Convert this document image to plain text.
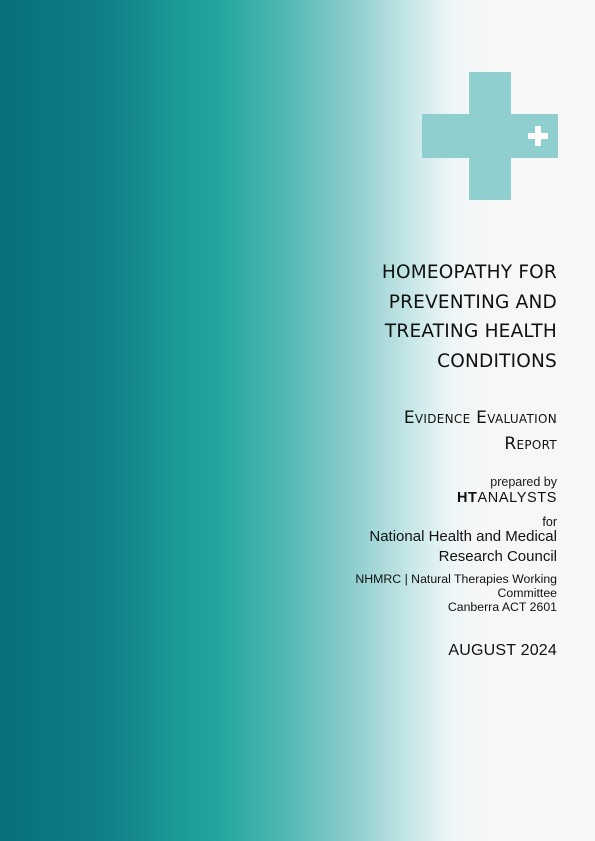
HOMEOPATHY FOR
PREVENTING AND
TREATING HEALTH
CONDITIONS
Evidence Evaluation
Report
prepared by
HTANALYSTS
for
National Health and Medical
Research Council
NHMRC | Natural Therapies Working
Committee
Canberra ACT 2601
AUGUST 2024
